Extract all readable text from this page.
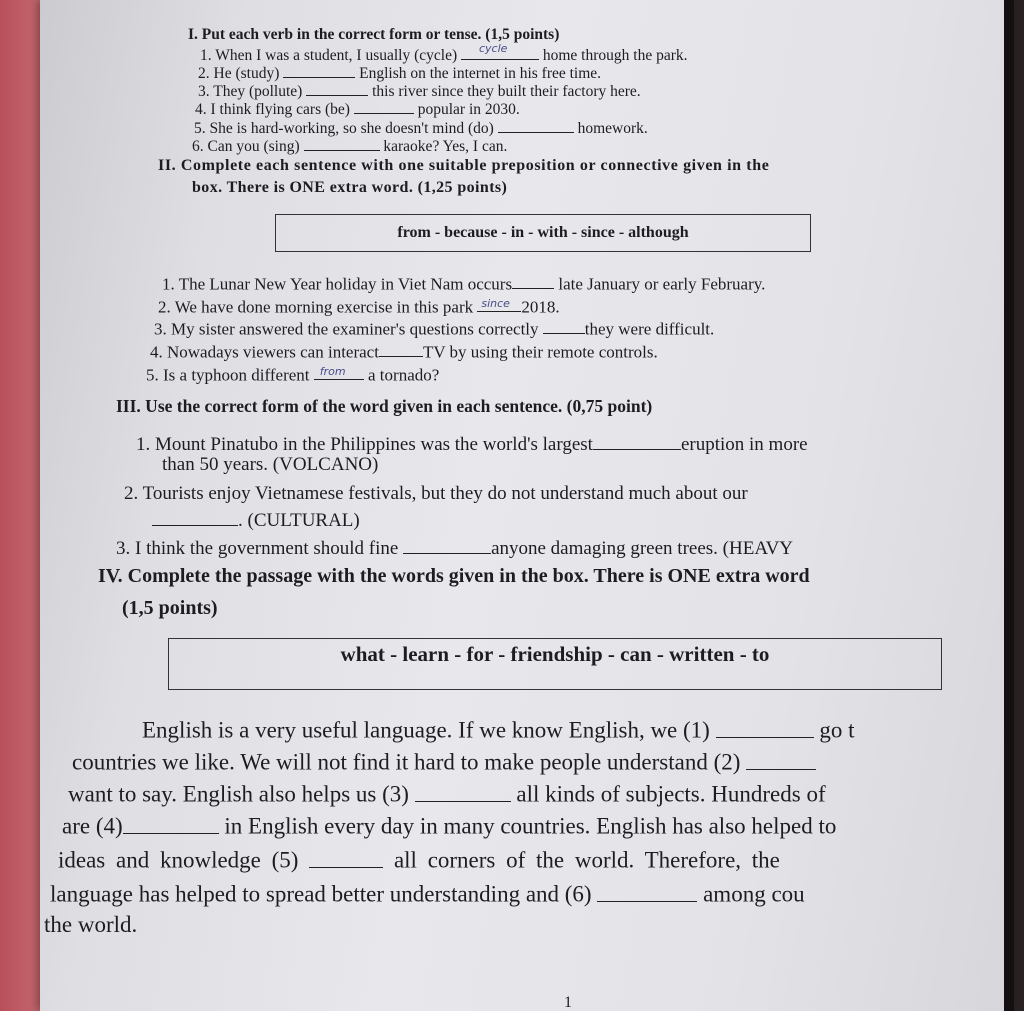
I. Put each verb in the correct form or tense. (1,5 points)
1. When I was a student, I usually (cycle) cycle home through the park.
2. He (study)	English on the internet in his free time.
3. They (pollute)	this river since they built their factory here.
4. I think flying cars (be)	popular in 2030.
5. She is hard-working, so she doesn't mind (do)	homework.
6. Can you (sing)	karaoke? Yes, I can.
II. Complete each sentence with one suitable preposition or connective given in the
box. There is ONE extra word. (1,25 points)
from - because - in - with - since - although
1. The Lunar New Year holiday in Viet Nam occurs	late January or early February.
2. We have done morning exercise in this park since 2018.
3. My sister answered the examiner's questions correctly	they were difficult.
4. Nowadays viewers can interact	TV by using their remote controls.
5. Is a typhoon different from a tornado?
III. Use the correct form of the word given in each sentence. (0,75 point)
1. Mount Pinatubo in the Philippines was the world's largest	eruption in more
than 50 years. (VOLCANO)
2. Tourists enjoy Vietnamese festivals, but they do not understand much about our
. (CULTURAL)
3. I think the government should fine	anyone damaging green trees. (HEAVY
IV. Complete the passage with the words given in the box. There is ONE extra word
(1,5 points)
what - learn - for - friendship - can - written - to
English is a very useful language. If we know English, we (1)	go t
countries we like. We will not find it hard to make people understand (2)
want to say. English also helps us (3)	all kinds of subjects. Hundreds of
are (4)	in English every day in many countries. English has also helped to
ideas and knowledge (5)	all corners of the world. Therefore, the
language has helped to spread better understanding and (6)	among cou
the world.
1
